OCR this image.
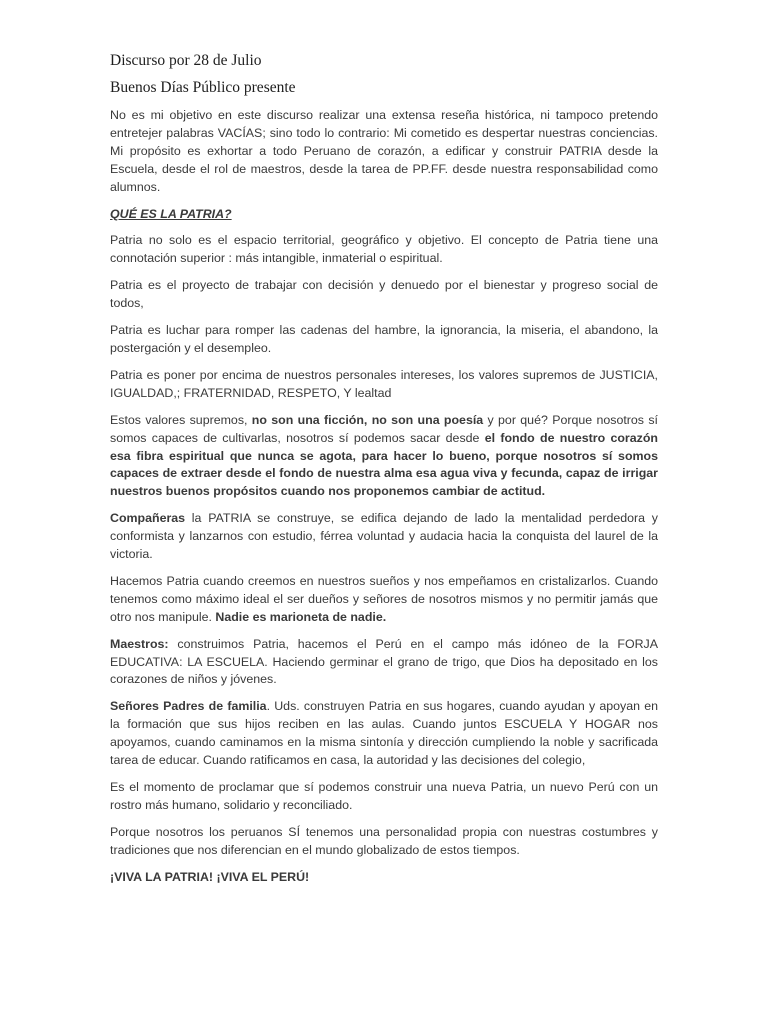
Discurso por 28 de Julio

Buenos Días Público presente

No es mi objetivo en este discurso realizar una extensa reseña histórica, ni tampoco pretendo entretejer palabras VACÍAS; sino todo lo contrario: Mi cometido es despertar nuestras conciencias. Mi propósito es exhortar a todo Peruano de corazón, a edificar y construir PATRIA desde la Escuela, desde el rol de maestros, desde la tarea de PP.FF. desde nuestra responsabilidad como alumnos.

QUÉ ES LA PATRIA?

Patria no solo es el espacio territorial, geográfico y objetivo. El concepto de Patria tiene una connotación superior : más intangible, inmaterial o espiritual.

Patria es el proyecto de trabajar con decisión y denuedo por el bienestar y progreso social de todos,

Patria es luchar para romper las cadenas del hambre, la ignorancia, la miseria, el abandono, la postergación y el desempleo.

Patria es poner por encima de nuestros personales intereses, los valores supremos de JUSTICIA, IGUALDAD,; FRATERNIDAD, RESPETO, Y lealtad

Estos valores supremos, no son una ficción, no son una poesía y por qué? Porque nosotros sí somos capaces de cultivarlas, nosotros sí podemos sacar desde el fondo de nuestro corazón esa fibra espiritual que nunca se agota, para hacer lo bueno, porque nosotros sí somos capaces de extraer desde el fondo de nuestra alma esa agua viva y fecunda, capaz de irrigar nuestros buenos propósitos cuando nos proponemos cambiar de actitud.

Compañeras la PATRIA se construye, se edifica dejando de lado la mentalidad perdedora y conformista y lanzarnos con estudio, férrea voluntad y audacia hacia la conquista del laurel de la victoria.

Hacemos Patria cuando creemos en nuestros sueños y nos empeñamos en cristalizarlos. Cuando tenemos como máximo ideal el ser dueños y señores de nosotros mismos y no permitir jamás que otro nos manipule. Nadie es marioneta de nadie.

Maestros: construimos Patria, hacemos el Perú en el campo más idóneo de la FORJA EDUCATIVA: LA ESCUELA. Haciendo germinar el grano de trigo, que Dios ha depositado en los corazones de niños y jóvenes.

Señores Padres de familia. Uds. construyen Patria en sus hogares, cuando ayudan y apoyan en la formación que sus hijos reciben en las aulas. Cuando juntos ESCUELA Y HOGAR nos apoyamos, cuando caminamos en la misma sintonía y dirección cumpliendo la noble y sacrificada tarea de educar. Cuando ratificamos en casa, la autoridad y las decisiones del colegio,

Es el momento de proclamar que sí podemos construir una nueva Patria, un nuevo Perú con un rostro más humano, solidario y reconciliado.

Porque nosotros los peruanos SÍ tenemos una personalidad propia con nuestras costumbres y tradiciones que nos diferencian en el mundo globalizado de estos tiempos.

¡VIVA LA PATRIA! ¡VIVA EL PERÚ!
